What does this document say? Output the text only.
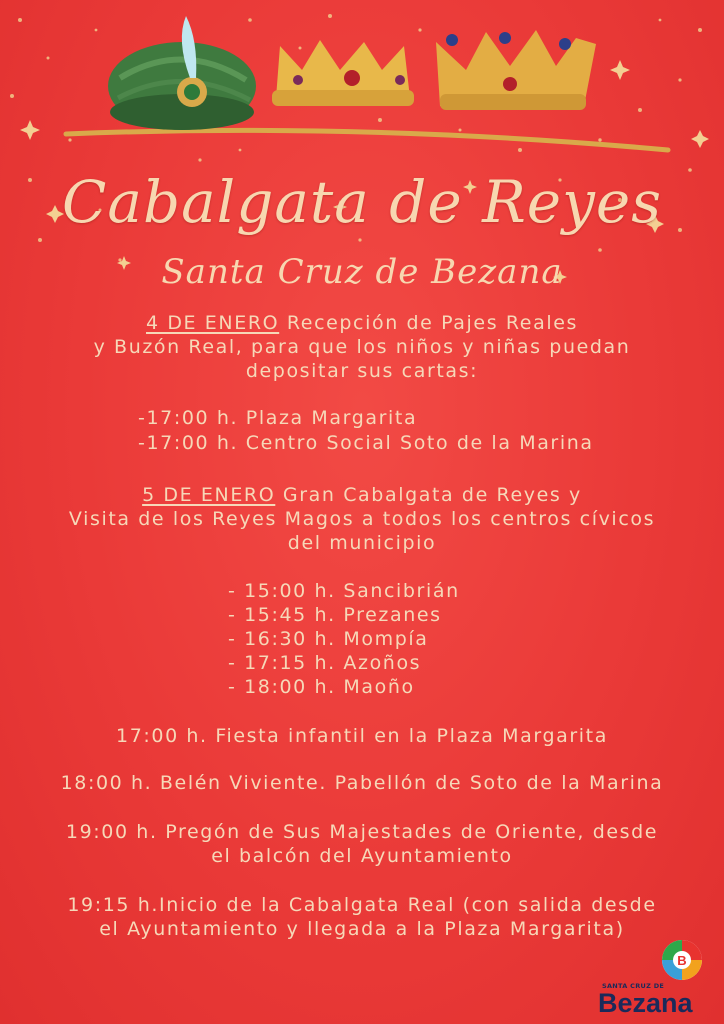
Cabalgata de Reyes
Santa Cruz de Bezana
4 DE ENERO Recepción de Pajes Reales
y Buzón Real, para que los niños y niñas puedan
depositar sus cartas:
-17:00 h. Plaza Margarita
-17:00 h. Centro Social Soto de la Marina
5 DE ENERO Gran Cabalgata de Reyes y
Visita de los Reyes Magos a todos los centros cívicos
del municipio
- 15:00 h. Sancibrián
- 15:45 h. Prezanes
- 16:30 h. Mompía
- 17:15 h. Azoños
- 18:00 h. Maoño
17:00 h. Fiesta infantil en la Plaza Margarita
18:00 h. Belén Viviente. Pabellón de Soto de la Marina
19:00 h. Pregón de Sus Majestades de Oriente, desde
el balcón del Ayuntamiento
19:15 h.Inicio de la Cabalgata Real (con salida desde
el Ayuntamiento y llegada a la Plaza Margarita)
B
SANTA CRUZ DE
Bezana
